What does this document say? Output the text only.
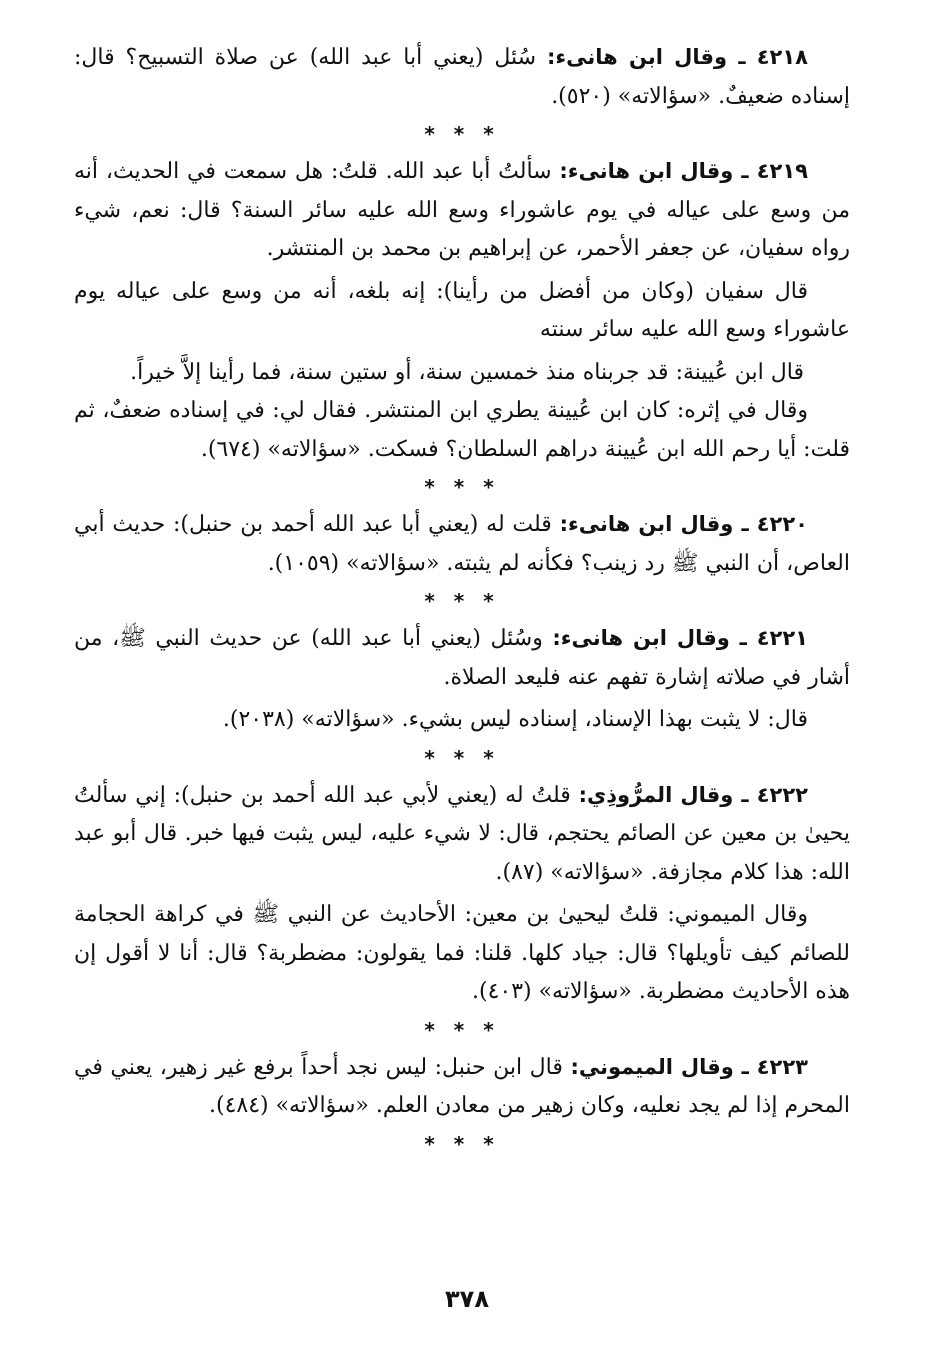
٤٢١٨ ـ وقال ابن هانىء: سُئل (يعني أبا عبد الله) عن صلاة التسبيح؟ قال: إسناده ضعيفٌ. «سؤالاته» (٥٢٠).

* * *

٤٢١٩ ـ وقال ابن هانىء: سألتُ أبا عبد الله. قلتُ: هل سمعت في الحديث، أنه من وسع على عياله في يوم عاشوراء وسع الله عليه سائر السنة؟ قال: نعم، شيء رواه سفيان، عن جعفر الأحمر، عن إبراهيم بن محمد بن المنتشر.

قال سفيان (وكان من أفضل من رأينا): إنه بلغه، أنه من وسع على عياله يوم عاشوراء وسع الله عليه سائر سنته

قال ابن عُيينة: قد جربناه منذ خمسين سنة، أو ستين سنة، فما رأينا إلاَّ خيراً.

وقال في إثره: كان ابن عُيينة يطري ابن المنتشر. فقال لي: في إسناده ضعفٌ، ثم قلت: أيا رحم الله ابن عُيينة دراهم السلطان؟ فسكت. «سؤالاته» (٦٧٤).

* * *

٤٢٢٠ ـ وقال ابن هانىء: قلت له (يعني أبا عبد الله أحمد بن حنبل): حديث أبي العاص، أن النبي ﷺ رد زينب؟ فكأنه لم يثبته. «سؤالاته» (١٠٥٩).

* * *

٤٢٢١ ـ وقال ابن هانىء: وسُئل (يعني أبا عبد الله) عن حديث النبي ﷺ، من أشار في صلاته إشارة تفهم عنه فليعد الصلاة.

قال: لا يثبت بهذا الإسناد، إسناده ليس بشيء. «سؤالاته» (٢٠٣٨).

* * *

٤٢٢٢ ـ وقال المرُّوذِي: قلتُ له (يعني لأبي عبد الله أحمد بن حنبل): إني سألتُ يحيىٰ بن معين عن الصائم يحتجم، قال: لا شيء عليه، ليس يثبت فيها خبر. قال أبو عبد الله: هذا كلام مجازفة. «سؤالاته» (٨٧).

وقال الميموني: قلتُ ليحيىٰ بن معين: الأحاديث عن النبي ﷺ في كراهة الحجامة للصائم كيف تأويلها؟ قال: جياد كلها. قلنا: فما يقولون: مضطربة؟ قال: أنا لا أقول إن هذه الأحاديث مضطربة. «سؤالاته» (٤٠٣).

* * *

٤٢٢٣ ـ وقال الميموني: قال ابن حنبل: ليس نجد أحداً برفع غير زهير، يعني في المحرم إذا لم يجد نعليه، وكان زهير من معادن العلم. «سؤالاته» (٤٨٤).

* * *
٣٧٨
